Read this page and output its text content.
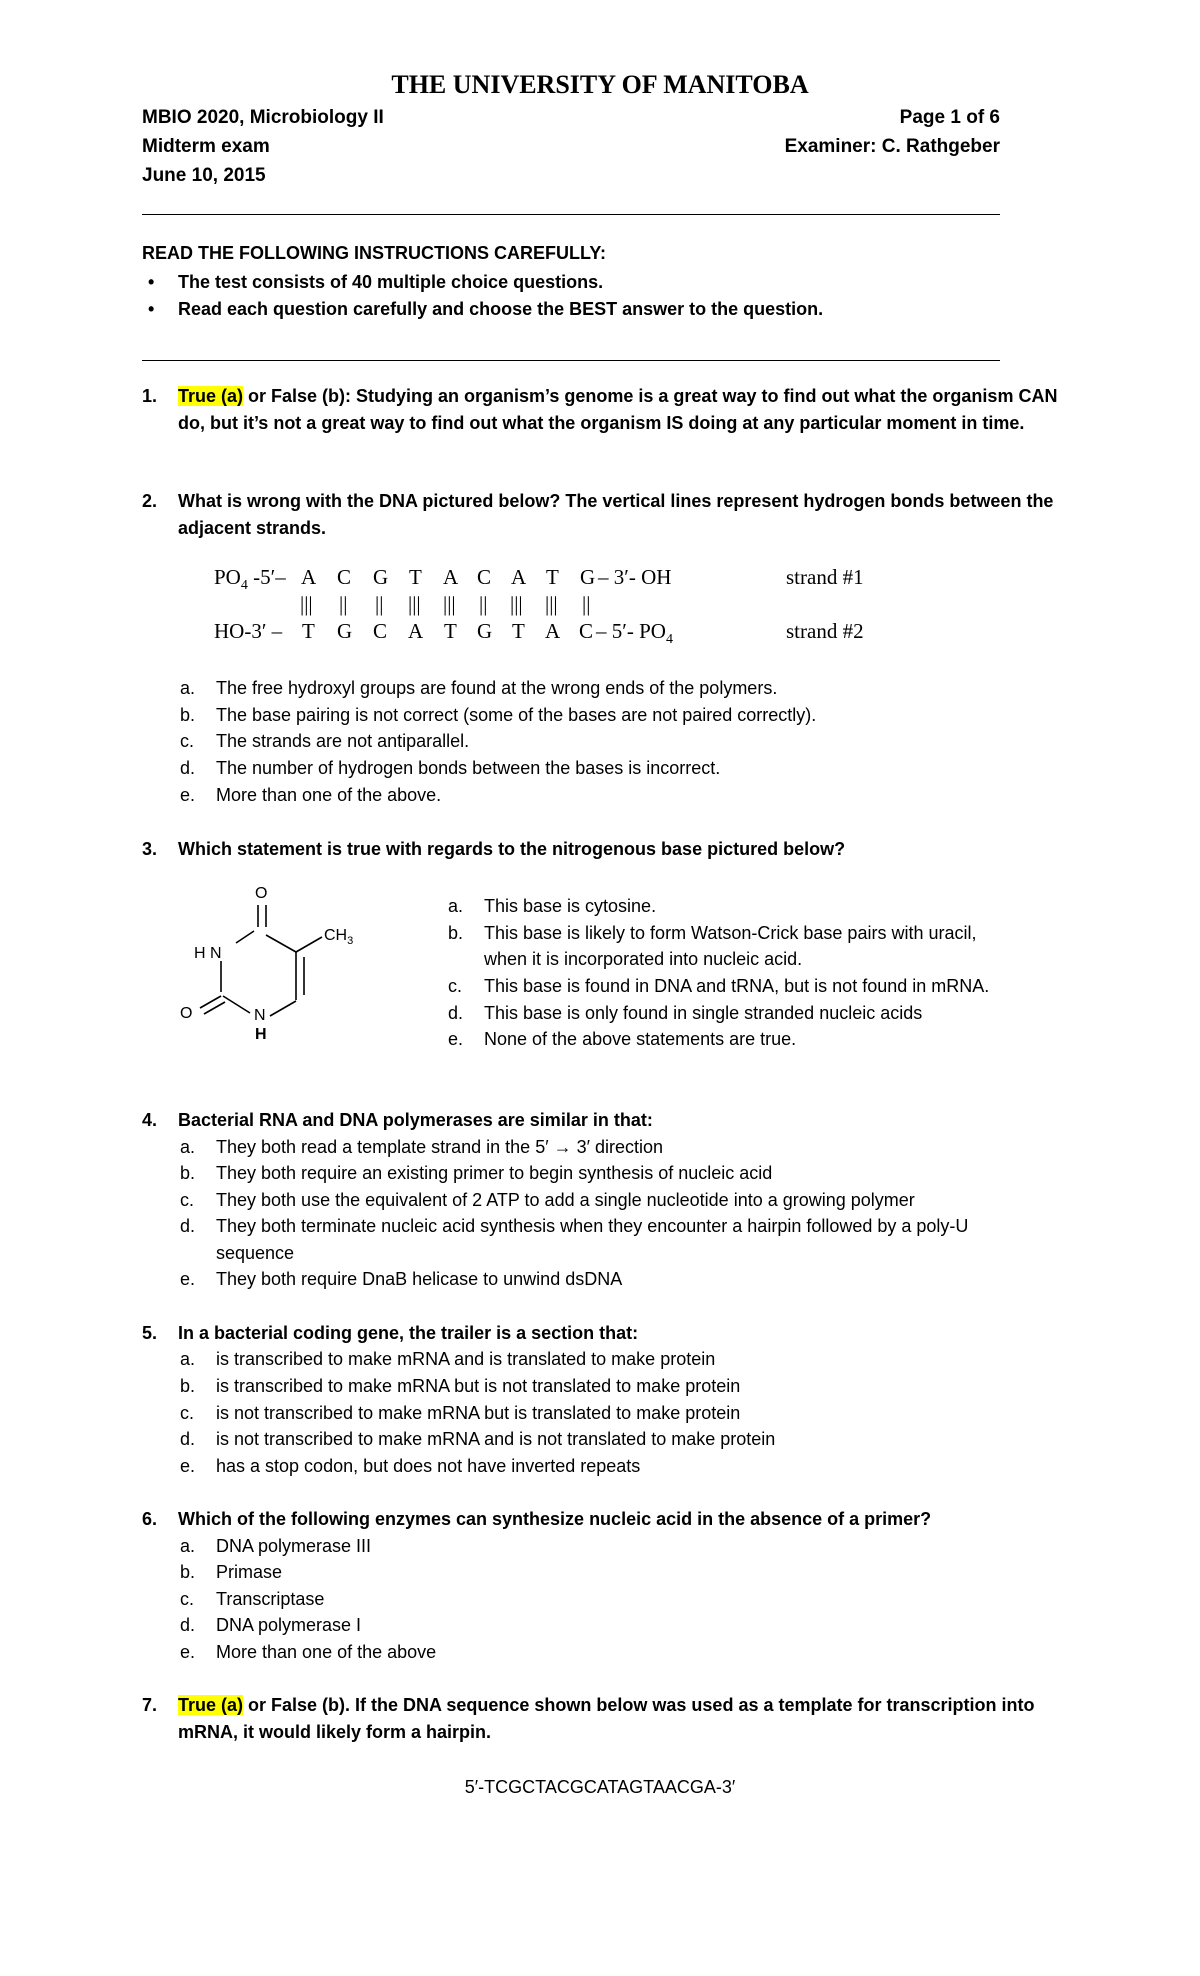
THE UNIVERSITY OF MANITOBA
MBIO 2020, Microbiology II
Midterm exam
June 10, 2015
Page 1 of 6
Examiner: C. Rathgeber
READ THE FOLLOWING INSTRUCTIONS CAREFULLY:
• The test consists of 40 multiple choice questions.
• Read each question carefully and choose the BEST answer to the question.
1. True (a) or False (b): Studying an organism’s genome is a great way to find out what the organism CAN do, but it’s not a great way to find out what the organism IS doing at any particular moment in time.
2. What is wrong with the DNA pictured below? The vertical lines represent hydrogen bonds between the adjacent strands.
$PO_4$ -5′– A C G T A C A T G – 3′- OH	strand #1
||| || || ||| ||| || ||| ||| ||
HO-3′ – T G C A T G T A C – 5′- $PO_4$	strand #2
a. The free hydroxyl groups are found at the wrong ends of the polymers.
b. The base pairing is not correct (some of the bases are not paired correctly).
c. The strands are not antiparallel.
d. The number of hydrogen bonds between the bases is incorrect.
e. More than one of the above.
3. Which statement is true with regards to the nitrogenous base pictured below?
O
H N
$CH_3$
O	N
H
a. This base is cytosine.
b. This base is likely to form Watson-Crick base pairs with uracil,
when it is incorporated into nucleic acid.
c. This base is found in DNA and tRNA, but is not found in mRNA.
d. This base is only found in single stranded nucleic acids
e. None of the above statements are true.
4. Bacterial RNA and DNA polymerases are similar in that:
a. They both read a template strand in the 5′ → 3′ direction
b. They both require an existing primer to begin synthesis of nucleic acid
c. They both use the equivalent of 2 ATP to add a single nucleotide into a growing polymer
d. They both terminate nucleic acid synthesis when they encounter a hairpin followed by a poly-U
sequence
e. They both require DnaB helicase to unwind dsDNA
5. In a bacterial coding gene, the trailer is a section that:
a. is transcribed to make mRNA and is translated to make protein
b. is transcribed to make mRNA but is not translated to make protein
c. is not transcribed to make mRNA but is translated to make protein
d. is not transcribed to make mRNA and is not translated to make protein
e. has a stop codon, but does not have inverted repeats
6. Which of the following enzymes can synthesize nucleic acid in the absence of a primer?
a. DNA polymerase III
b. Primase
c. Transcriptase
d. DNA polymerase I
e. More than one of the above
7. True (a) or False (b). If the DNA sequence shown below was used as a template for transcription into mRNA, it would likely form a hairpin.
5′-TCGCTACGCATAGTAACGA-3′
